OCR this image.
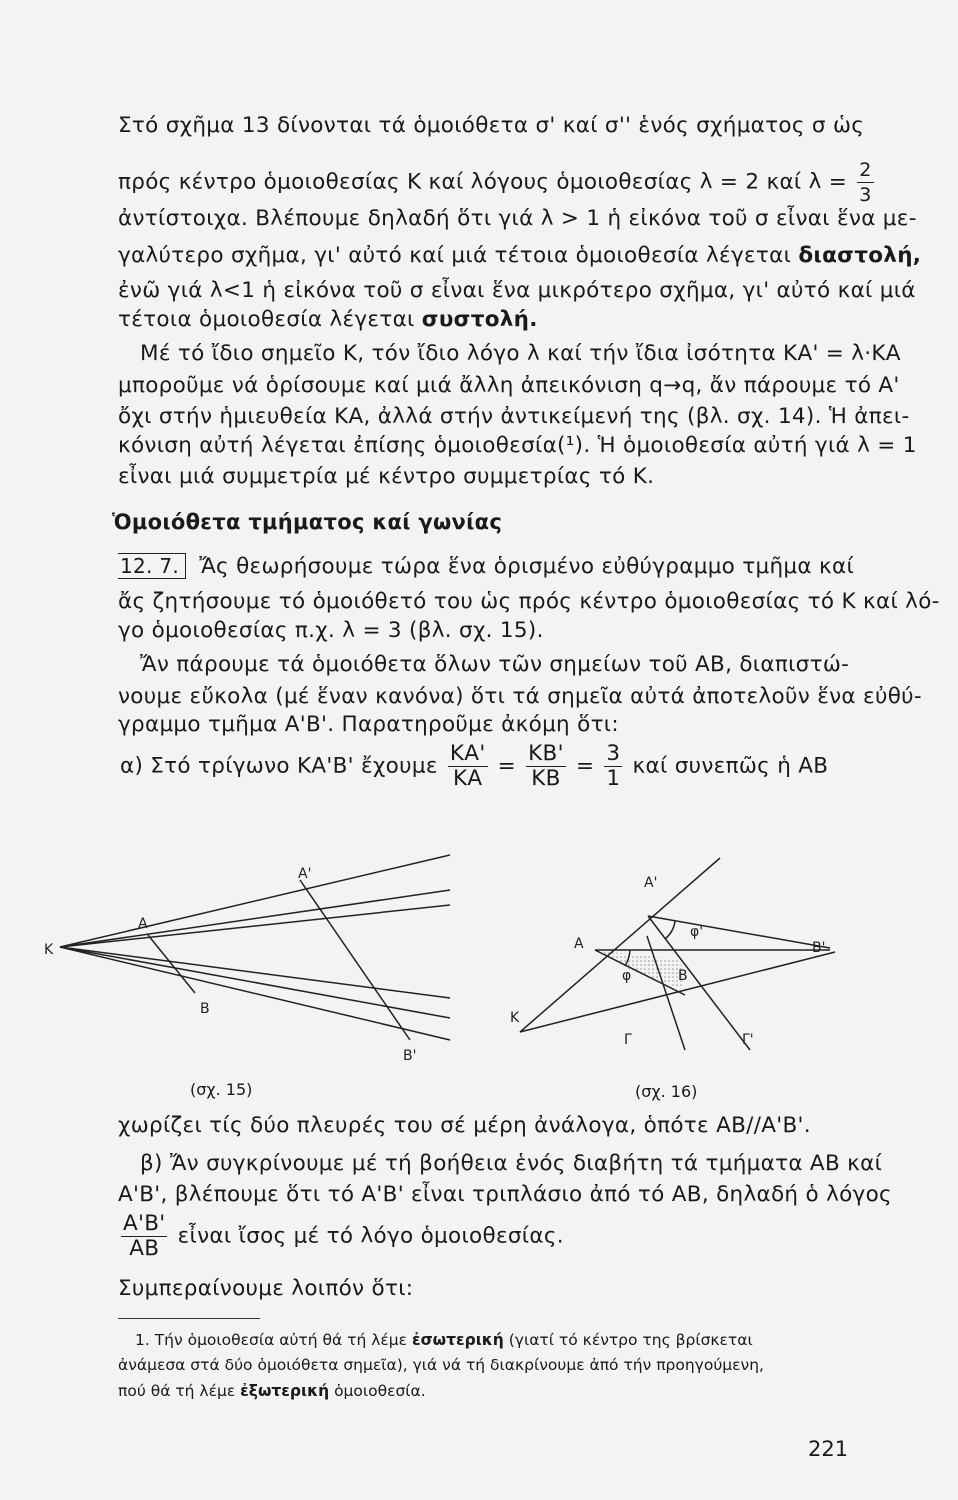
Στό σχῆμα 13 δίνονται τά ὁμοιόθετα σ' καί σ'' ἑνός σχήματος σ ὡς
πρός κέντρο ὁμοιοθεσίας Κ καί λόγους ὁμοιοθεσίας λ = 2 καί $\lambda = \frac{2}{3}$
ἀντίστοιχα. Βλέπουμε δηλαδή ὅτι γιά λ > 1 ἡ εἰκόνα τοῦ σ εἶναι ἕνα με-
γαλύτερο σχῆμα, γι' αὐτό καί μιά τέτοια ὁμοιοθεσία λέγεται διαστολή,
ἐνῶ γιά λ<1 ἡ εἰκόνα τοῦ σ εἶναι ἕνα μικρότερο σχῆμα, γι' αὐτό καί μιά
τέτοια ὁμοιοθεσία λέγεται συστολή.
Μέ τό ἴδιο σημεῖο Κ, τόν ἴδιο λόγο λ καί τήν ἴδια ἰσότητα ΚΑ' = λ·ΚΑ
μποροῦμε νά ὁρίσουμε καί μιά ἄλλη ἀπεικόνιση q→q, ἄν πάρουμε τό Α'
ὄχι στήν ἡμιευθεία ΚΑ, ἀλλά στήν ἀντικείμενή της (βλ. σχ. 14). Ἡ ἀπει-
κόνιση αὐτή λέγεται ἐπίσης ὁμοιοθεσία(¹). Ἡ ὁμοιοθεσία αὐτή γιά λ = 1
εἶναι μιά συμμετρία μέ κέντρο συμμετρίας τό Κ.
Ὁμοιόθετα τμήματος καί γωνίας
12. 7. Ἄς θεωρήσουμε τώρα ἕνα ὁρισμένο εὐθύγραμμο τμῆμα καί
ἄς ζητήσουμε τό ὁμοιόθετό του ὡς πρός κέντρο ὁμοιοθεσίας τό Κ καί λό-
γο ὁμοιοθεσίας π.χ. λ = 3 (βλ. σχ. 15).
Ἄν πάρουμε τά ὁμοιόθετα ὅλων τῶν σημείων τοῦ ΑΒ, διαπιστώ-
νουμε εὔκολα (μέ ἕναν κανόνα) ὅτι τά σημεῖα αὐτά ἀποτελοῦν ἕνα εὐθύ-
γραμμο τμῆμα Α'Β'. Παρατηροῦμε ἀκόμη ὅτι:
α) Στό τρίγωνο ΚΑ'Β' ἔχουμε $\frac{KA'}{KA} = \frac{KB'}{KB} = \frac{3}{1}$ καί συνεπῶς ἡ ΑΒ
K
A
B
A'
B'
(σχ. 15)
A'
A
B
K
Γ	Γ'
B'
φ
φ'
(σχ. 16)
χωρίζει τίς δύο πλευρές του σέ μέρη ἀνάλογα, ὁπότε ΑΒ//Α'Β'.
β) Ἄν συγκρίνουμε μέ τή βοήθεια ἑνός διαβήτη τά τμήματα ΑΒ καί
Α'Β', βλέπουμε ὅτι τό Α'Β' εἶναι τριπλάσιο ἀπό τό ΑΒ, δηλαδή ὁ λόγος
$\frac{A'B'}{AB}$ εἶναι ἴσος μέ τό λόγο ὁμοιοθεσίας.
Συμπεραίνουμε λοιπόν ὅτι:
1. Τήν ὁμοιοθεσία αὐτή θά τή λέμε ἐσωτερική (γιατί τό κέντρο της βρίσκεται
ἀνάμεσα στά δύο ὁμοιόθετα σημεῖα), γιά νά τή διακρίνουμε ἀπό τήν προηγούμενη,
πού θά τή λέμε ἐξωτερική ὁμοιοθεσία.
221
